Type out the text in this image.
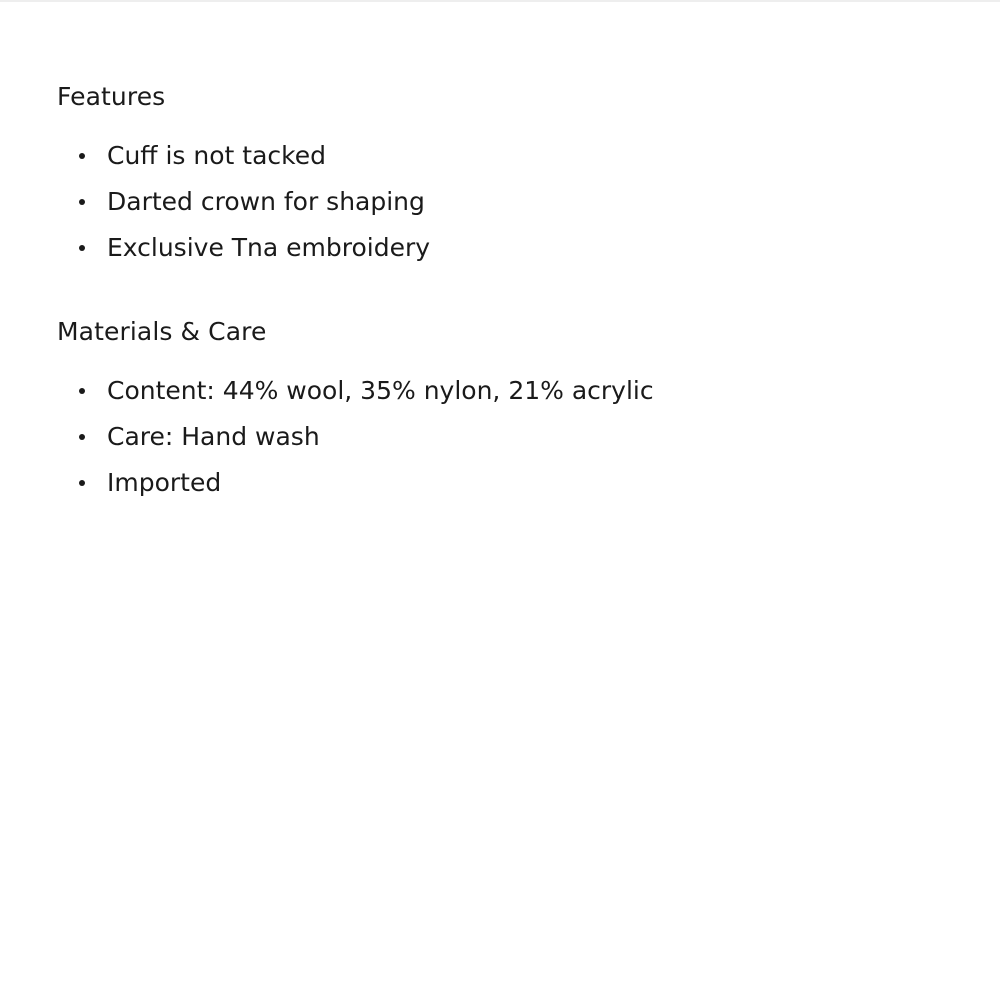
Features
Cuff is not tacked
Darted crown for shaping
Exclusive Tna embroidery
Materials & Care
Content: 44% wool, 35% nylon, 21% acrylic
Care: Hand wash
Imported
